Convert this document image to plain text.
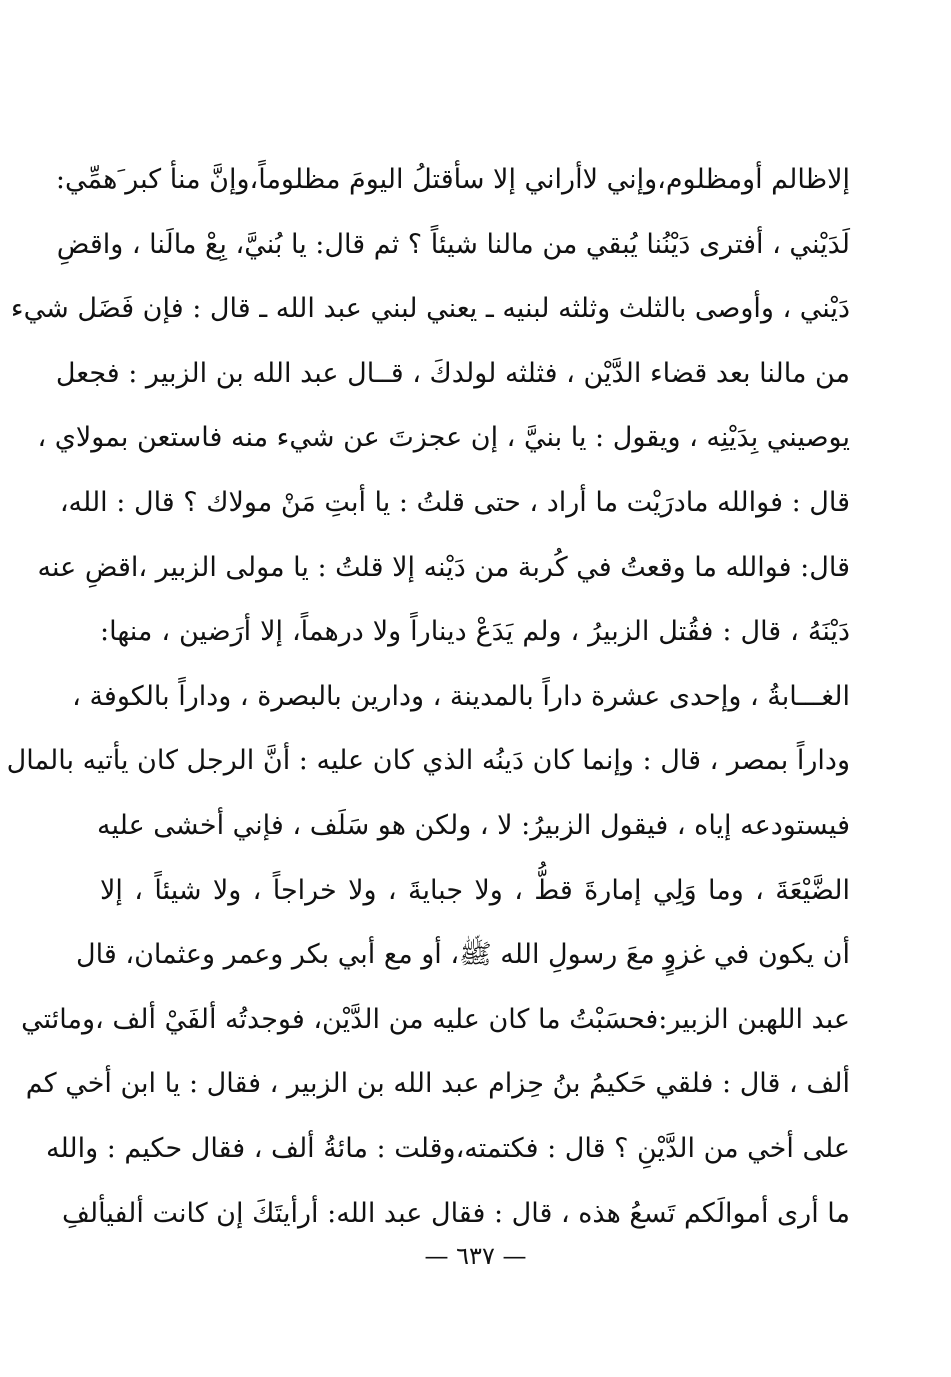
إلاظالم أومظلوم،وإني لاأراني إلا سأقتلُ اليومَ مظلوماً،وإنَّ منأ كبر َهمِّي:
لَدَيْني ، أفترى دَيْنُنا يُبقي من مالنا شيئاً ؟ ثم قال: يا بُنيَّ، بِعْ مالَنا ، واقضِ
دَيْني ، وأوصى بالثلث وثلثه لبنيه ـ يعني لبني عبد الله ـ قال : فإن فَضَل شيء
من مالنا بعد قضاء الدَّيْن ، فثلثه لولدكَ ، قــال عبد الله بن الزبير : فجعل
يوصيني بِدَيْنِه ، ويقول : يا بنيَّ ، إن عجزتَ عن شيء منه فاستعن بمولاي ،
قال : فوالله مادرَيْت ما أراد ، حتى قلتُ : يا أبتِ مَنْ مولاك ؟ قال : الله،
قال: فوالله ما وقعتُ في كُربة من دَيْنه إلا قلتُ : يا مولى الزبير ،اقضِ عنه
دَيْنَهُ ، قال : فقُتل الزبيرُ ، ولم يَدَعْ ديناراً ولا درهماً، إلا أرَضين ، منها:
الغـــابةُ ، وإحدى عشرة داراً بالمدينة ، ودارين بالبصرة ، وداراً بالكوفة ،
وداراً بمصر ، قال : وإنما كان دَينُه الذي كان عليه : أنَّ الرجل كان يأتيه بالمال
فيستودعه إياه ، فيقول الزبيرُ: لا ، ولكن هو سَلَف ، فإني أخشى عليه
الضَّيْعَةَ ، وما وَلِي إمارةَ قطُّ ، ولا جبايةَ ، ولا خراجاً ، ولا شيئاً ، إلا
أن يكون في غزوٍ معَ رسولِ الله ﷺ، أو مع أبي بكر وعمر وعثمان، قال
عبد اللهبن الزبير:فحسَبْتُ ما كان عليه من الدَّيْن، فوجدتُه ألفَيْ ألف ،ومائتي
ألف ، قال : فلقي حَكيمُ بنُ حِزام عبد الله بن الزبير ، فقال : يا ابن أخي كم
على أخي من الدَّيْنِ ؟ قال : فكتمته،وقلت : مائةُ ألف ، فقال حكيم : والله
ما أرى أموالَكم تَسعُ هذه ، قال : فقال عبد الله: أرأيتَكَ إن كانت ألفيألفِ
— ٦٣٧ —
